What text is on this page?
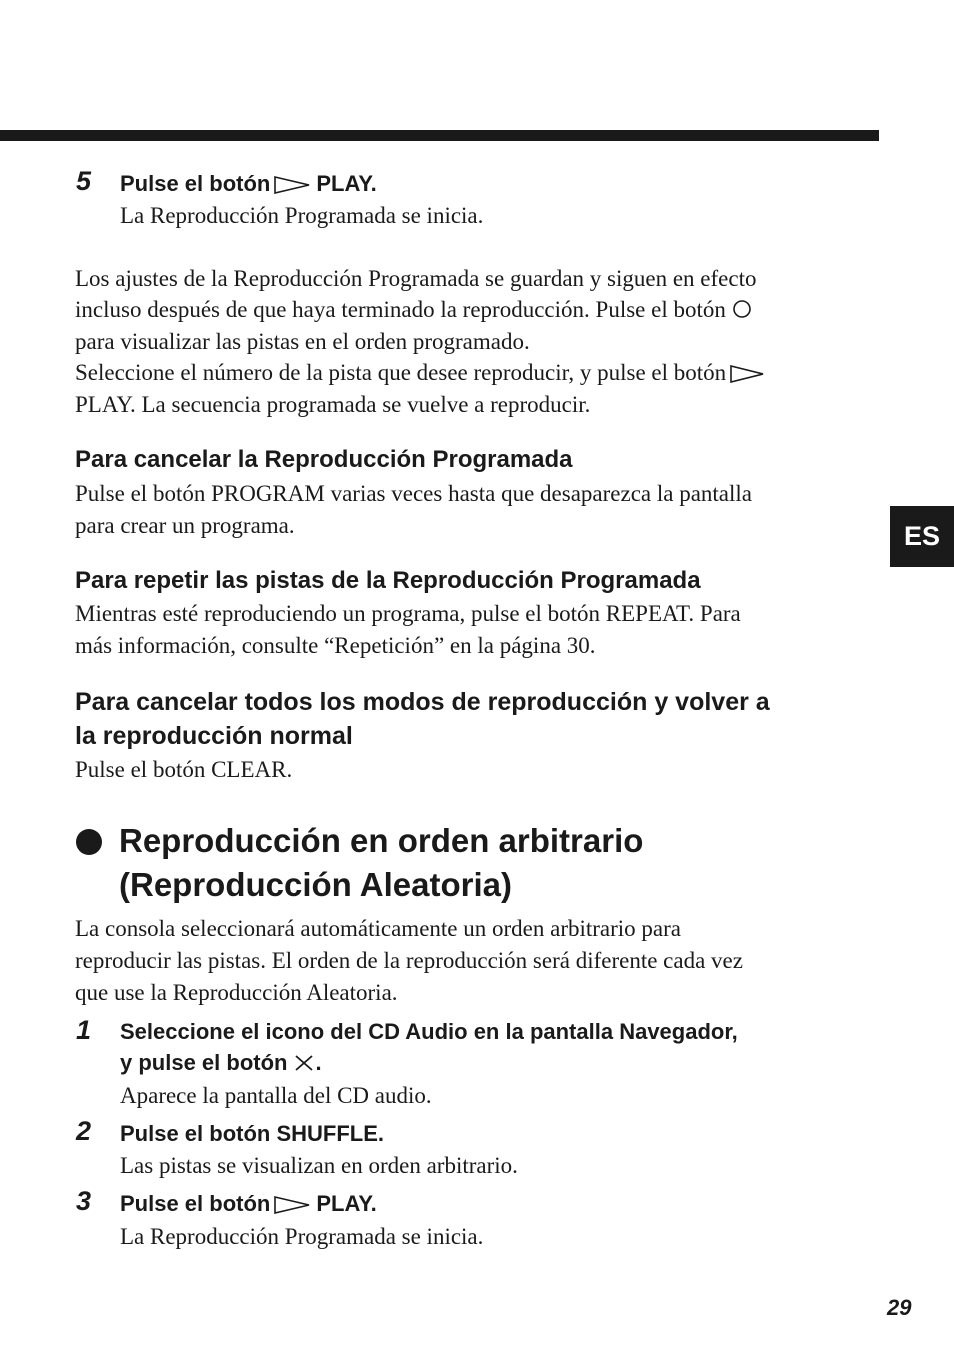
ES
5 Pulse el botón PLAY.
La Reproducción Programada se inicia.
Los ajustes de la Reproducción Programada se guardan y siguen en efecto
incluso después de que haya terminado la reproducción. Pulse el botón
para visualizar las pistas en el orden programado.
Seleccione el número de la pista que desee reproducir, y pulse el botón
PLAY. La secuencia programada se vuelve a reproducir.
Para cancelar la Reproducción Programada
Pulse el botón PROGRAM varias veces hasta que desaparezca la pantalla
para crear un programa.
Para repetir las pistas de la Reproducción Programada
Mientras esté reproduciendo un programa, pulse el botón REPEAT. Para
más información, consulte “Repetición” en la página 30.
Para cancelar todos los modos de reproducción y volver a
la reproducción normal
Pulse el botón CLEAR.
Reproducción en orden arbitrario
(Reproducción Aleatoria)
La consola seleccionará automáticamente un orden arbitrario para
reproducir las pistas. El orden de la reproducción será diferente cada vez
que use la Reproducción Aleatoria.
1 Seleccione el icono del CD Audio en la pantalla Navegador,
y pulse el botón .
Aparece la pantalla del CD audio.
2 Pulse el botón SHUFFLE.
Las pistas se visualizan en orden arbitrario.
3 Pulse el botón PLAY.
La Reproducción Programada se inicia.
29
